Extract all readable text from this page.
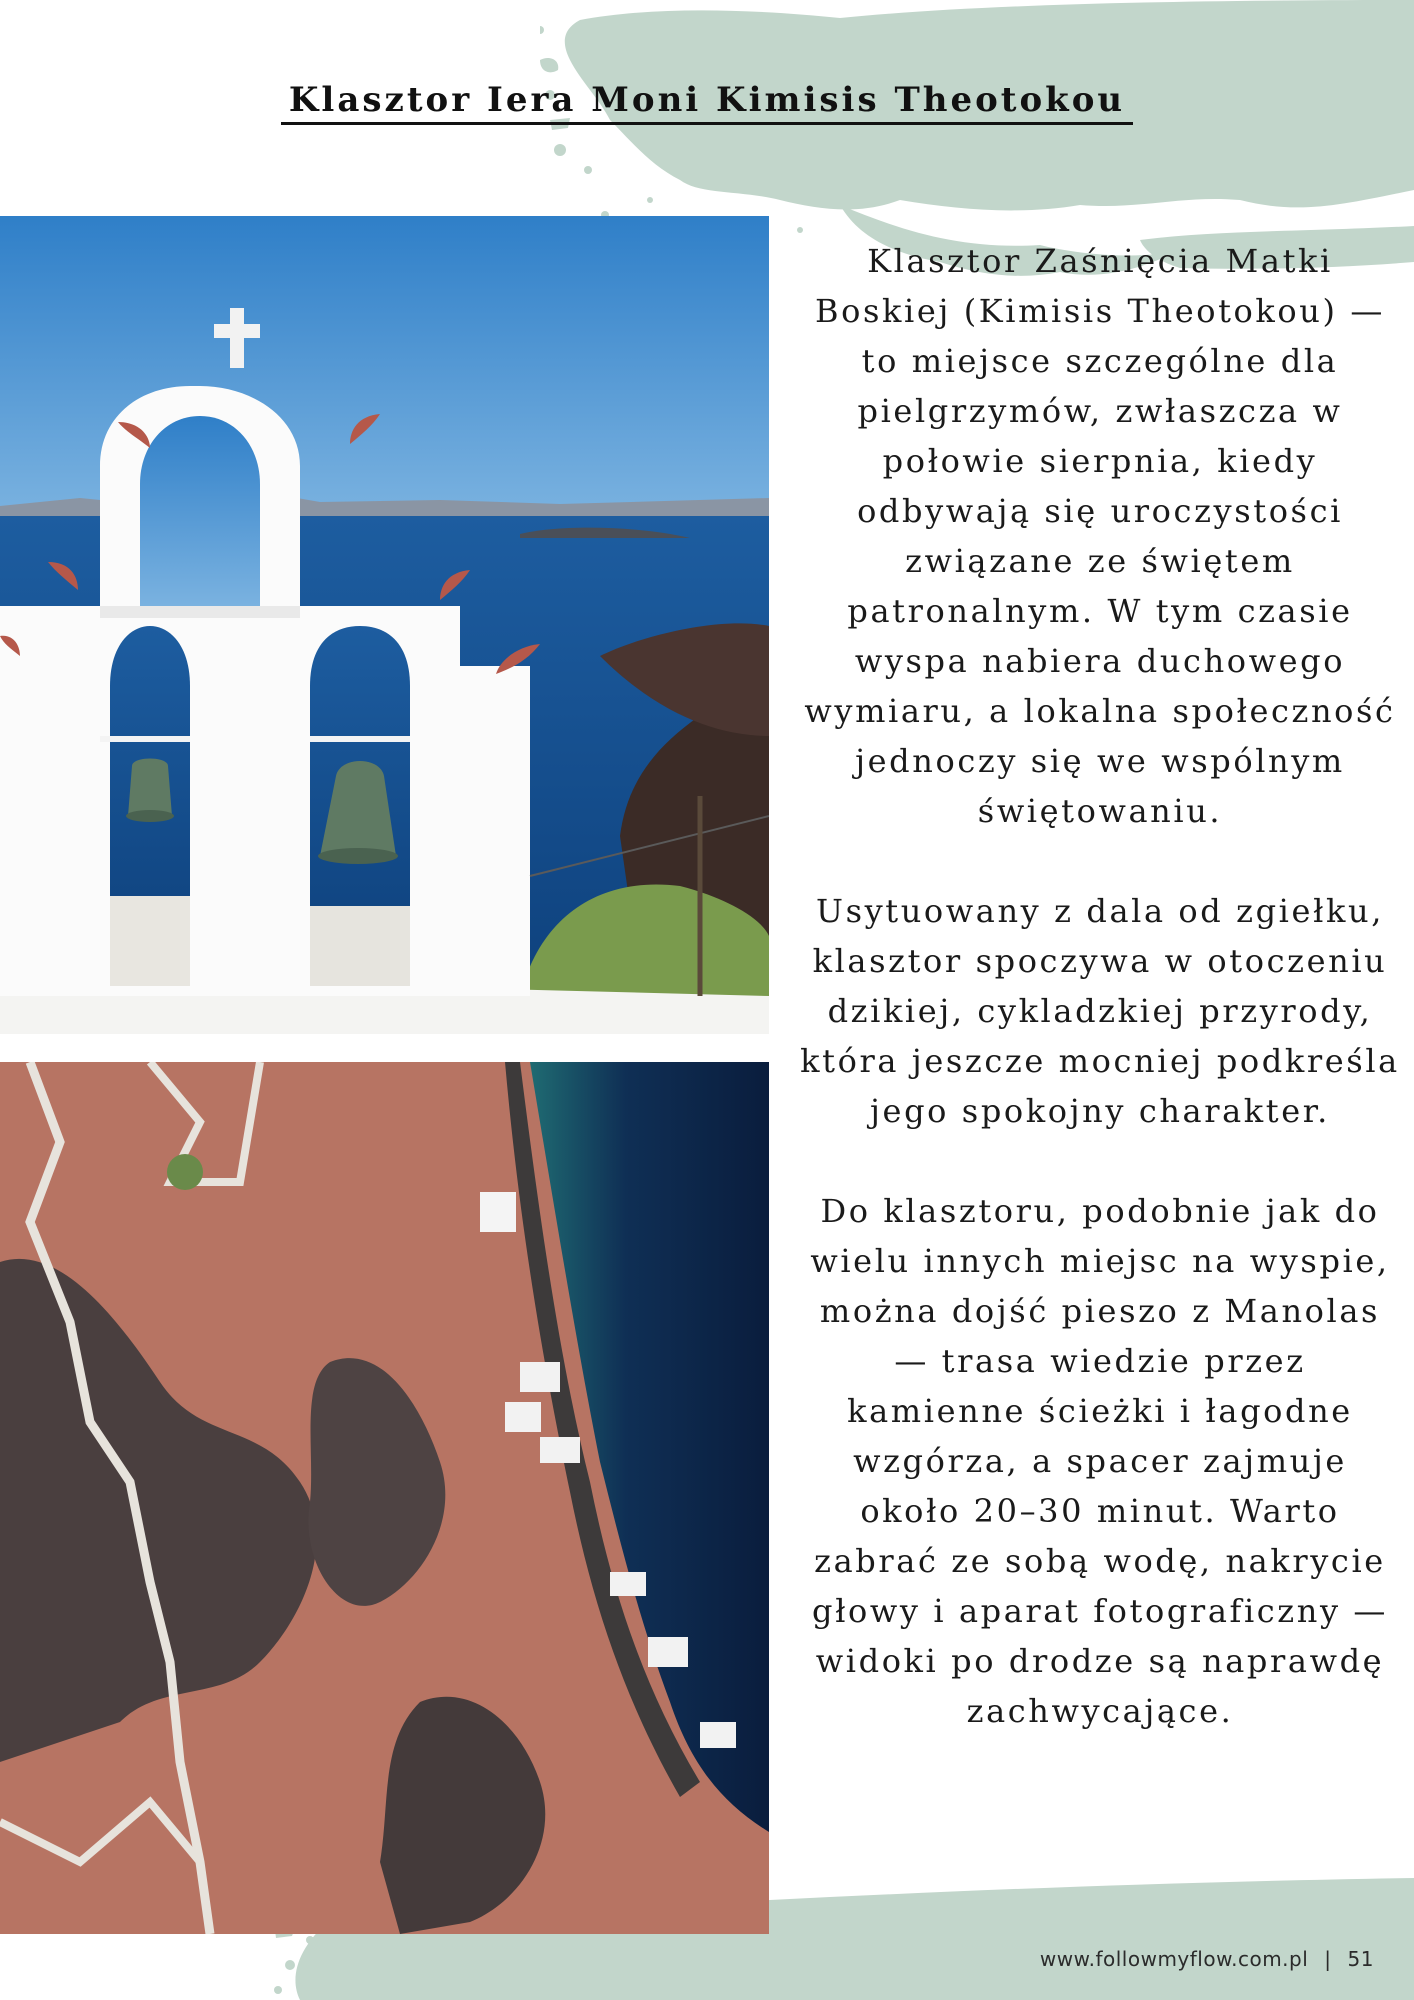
Klasztor Iera Moni Kimisis Theotokou

Klasztor Zaśnięcia Matki Boskiej (Kimisis Theotokou) — to miejsce szczególne dla pielgrzymów, zwłaszcza w połowie sierpnia, kiedy odbywają się uroczystości związane ze świętem patronalnym. W tym czasie wyspa nabiera duchowego wymiaru, a lokalna społeczność jednoczy się we wspólnym świętowaniu.

Usytuowany z dala od zgiełku, klasztor spoczywa w otoczeniu dzikiej, cykladzkiej przyrody, która jeszcze mocniej podkreśla jego spokojny charakter.

Do klasztoru, podobnie jak do wielu innych miejsc na wyspie, można dojść pieszo z Manolas — trasa wiedzie przez kamienne ścieżki i łagodne wzgórza, a spacer zajmuje około 20–30 minut. Warto zabrać ze sobą wodę, nakrycie głowy i aparat fotograficzny — widoki po drodze są naprawdę zachwycające.

www.followmyflow.com.pl | 51
